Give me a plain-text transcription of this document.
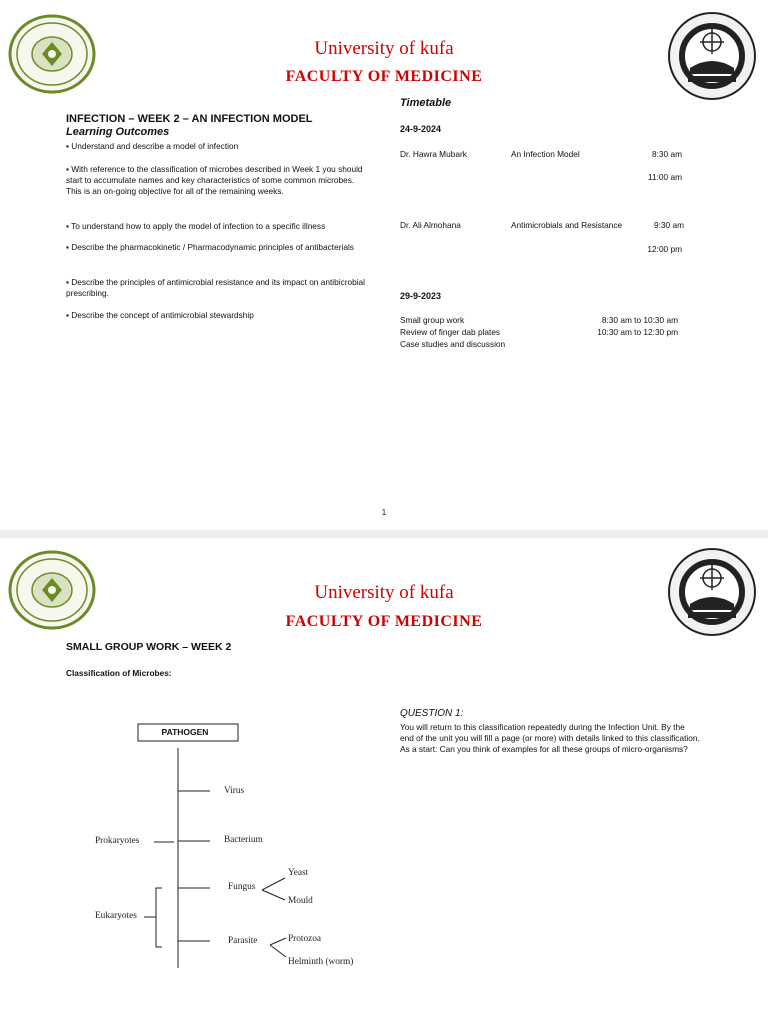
University of kufa
FACULTY OF MEDICINE
INFECTION – WEEK 2 – AN INFECTION MODEL
Learning Outcomes
▪ Understand and describe a model of infection
▪ With reference to the classification of microbes described in Week 1 you should start to accumulate names and key characteristics of some common microbes. This is an on-going objective for all of the remaining weeks.
▪ To understand how to apply the model of infection to a specific illness
▪ Describe the pharmacokinetic / Pharmacodynamic principles of antibacterials
▪ Describe the principles of antimicrobial resistance and its impact on antibicrobial prescribing.
▪ Describe the concept of antimicrobial stewardship
Timetable
24-9-2024
Dr. Hawra Mubark	An Infection Model	8:30 am
11:00 am
Dr. Ali Almohana	Antimicrobials and Resistance	9:30 am
12:00 pm
29-9-2023
Small group work	8:30 am to 10:30 am
Review of finger dab plates	10:30 am to 12:30 pm
Case studies and discussion
1
University of kufa
FACULTY OF MEDICINE
SMALL GROUP WORK – WEEK 2
Classification of Microbes:
QUESTION 1:
You will return to this classification repeatedly during the Infection Unit. By the end of the unit you will fill a page (or more) with details linked to this classification. As a start: Can you think of examples for all these groups of micro-organisms?
PATHOGEN
Virus
Bacterium
Fungus
Yeast
Mould
Parasite	Protozoa
Helminth (worm)
Prokaryotes
Eukaryotes
